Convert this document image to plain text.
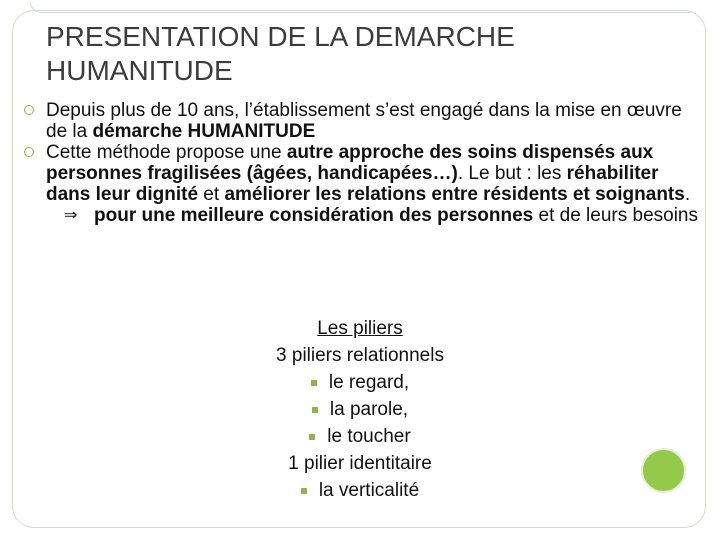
PRESENTATION DE LA DEMARCHE
HUMANITUDE
Depuis plus de 10 ans, l’établissement s’est engagé dans la mise en œuvre de la démarche HUMANITUDE
Cette méthode propose une autre approche des soins dispensés aux personnes fragilisées (âgées, handicapées…). Le but : les réhabiliter dans leur dignité et améliorer les relations entre résidents et soignants.
⇒ pour une meilleure considération des personnes et de leurs besoins
Les piliers
3 piliers relationnels
le regard,
la parole,
le toucher
1 pilier identitaire
la verticalité
